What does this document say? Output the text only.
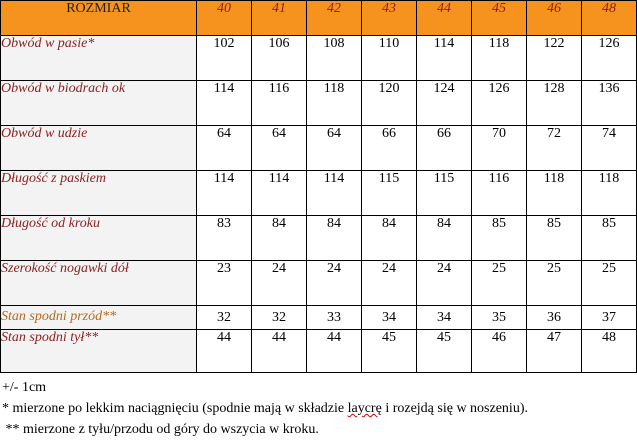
ROZMIAR	40	41	42	43	44	45	46	48
Obwód w pasie*	102	106	108	110	114	118	122	126
Obwód w biodrach ok	114	116	118	120	124	126	128	136
Obwód w udzie	64	64	64	66	66	70	72	74
Długość z paskiem	114	114	114	115	115	116	118	118
Długość od kroku	83	84	84	84	84	85	85	85
Szerokość nogawki dół	23	24	24	24	24	25	25	25
Stan spodni przód**	32	32	33	34	34	35	36	37
Stan spodni tył**	44	44	44	45	45	46	47	48
+/- 1cm
* mierzone po lekkim naciągnięciu (spodnie mają w składzie laycrę i rozejdą się w noszeniu).
** mierzone z tyłu/przodu od góry do wszycia w kroku.
